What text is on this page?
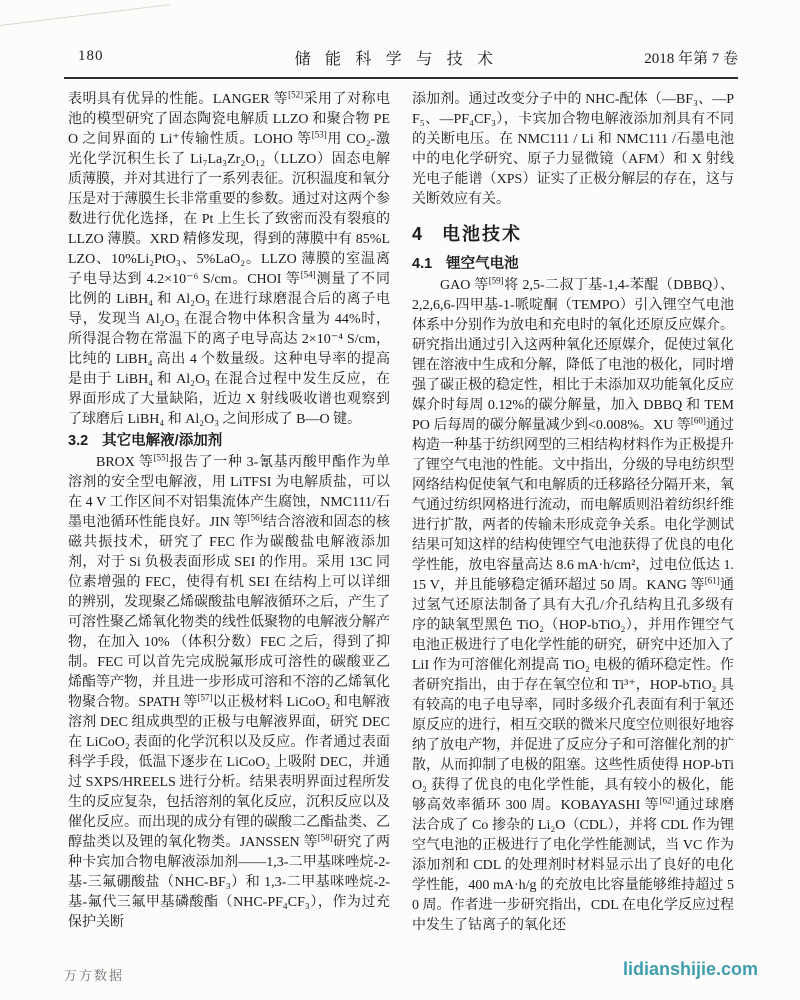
180	储能科学与技术	2018 年第 7 卷

表明具有优异的性能。LANGER 等[52]采用了对称电池的模型研究了固态陶瓷电解质 LLZO 和聚合物 PEO 之间界面的 Li⁺传输性质。LOHO 等[53]用 CO₂-激光化学沉积生长了 Li₇La₃Zr₂O₁₂（LLZO）固态电解质薄膜，并对其进行了一系列表征。沉积温度和氧分压是对于薄膜生长非常重要的参数。通过对这两个参数进行优化选择，在 Pt 上生长了致密而没有裂痕的 LLZO 薄膜。XRD 精修发现，得到的薄膜中有 85%LLZO、10%Li₂PtO₃、5%LaO₂。LLZO 薄膜的室温离子电导达到 4.2×10⁻⁶ S/cm。CHOI 等[54]测量了不同比例的 LiBH₄ 和 Al₂O₃ 在进行球磨混合后的离子电导，发现当 Al₂O₃ 在混合物中体积含量为 44%时，所得混合物在常温下的离子电导高达 2×10⁻⁴ S/cm，比纯的 LiBH₄ 高出 4 个数量级。这种电导率的提高是由于 LiBH₄ 和 Al₂O₃ 在混合过程中发生反应，在界面形成了大量缺陷，近边 X 射线吸收谱也观察到了球磨后 LiBH₄ 和 Al₂O₃ 之间形成了 B—O 键。

3.2 其它电解液/添加剂

BROX 等[55]报告了一种 3-氰基丙酸甲酯作为单溶剂的安全型电解液，用 LiTFSI 为电解质盐，可以在 4 V 工作区间不对铝集流体产生腐蚀，NMC111/石墨电池循环性能良好。JIN 等[56]结合溶液和固态的核磁共振技术，研究了 FEC 作为碳酸盐电解液添加剂，对于 Si 负极表面形成 SEI 的作用。采用 13C 同位素增强的 FEC，使得有机 SEI 在结构上可以详细的辨别，发现聚乙烯碳酸盐电解液循环之后，产生了可溶性聚乙烯氧化物类的线性低聚物的电解液分解产物，在加入 10% （体积分数）FEC 之后，得到了抑制。FEC 可以首先完成脱氟形成可溶性的碳酸亚乙烯酯等产物，并且进一步形成可溶和不溶的乙烯氧化物聚合物。SPATH 等[57]以正极材料 LiCoO₂ 和电解液溶剂 DEC 组成典型的正极与电解液界面，研究 DEC 在 LiCoO₂ 表面的化学沉积以及反应。作者通过表面科学手段，低温下逐步在 LiCoO₂ 上吸附 DEC，并通过 SXPS/HREELS 进行分析。结果表明界面过程所发生的反应复杂，包括溶剂的氧化反应，沉积反应以及催化反应。而出现的成分有锂的碳酸二乙酯盐类、乙醇盐类以及锂的氧化物类。JANSSEN 等[58]研究了两种卡宾加合物电解液添加剂——1,3-二甲基咪唑烷-2-基-三氟硼酸盐（NHC-BF₃）和 1,3-二甲基咪唑烷-2-基-氟代三氟甲基磷酸酯（NHC-PF₄CF₃），作为过充保护关断

添加剂。通过改变分子中的 NHC-配体（—BF₃、—PF₅、—PF₄CF₃），卡宾加合物电解液添加剂具有不同的关断电压。在 NMC111 / Li 和 NMC111 /石墨电池中的电化学研究、原子力显微镜（AFM）和 X 射线光电子能谱（XPS）证实了正极分解层的存在，这与关断效应有关。

4 电池技术
4.1 锂空气电池

GAO 等[59]将 2,5-二叔丁基-1,4-苯醌（DBBQ）、2,2,6,6-四甲基-1-哌啶酮（TEMPO）引入锂空气电池体系中分别作为放电和充电时的氧化还原反应媒介。研究指出通过引入这两种氧化还原媒介，促使过氧化锂在溶液中生成和分解，降低了电池的极化，同时增强了碳正极的稳定性，相比于未添加双功能氧化反应媒介时每周 0.12%的碳分解量，加入 DBBQ 和 TEMPO 后每周的碳分解量减少到<0.008%。XU 等[60]通过构造一种基于纺织网型的三相结构材料作为正极提升了锂空气电池的性能。文中指出，分级的导电纺织型网络结构促使氧气和电解质的迁移路径分隔开来，氧气通过纺织网格进行流动，而电解质则沿着纺织纤维进行扩散，两者的传输未形成竞争关系。电化学测试结果可知这样的结构使锂空气电池获得了优良的电化学性能，放电容量高达 8.6 mA·h/cm²，过电位低达 1.15 V，并且能够稳定循环超过 50 周。KANG 等[61]通过氢气还原法制备了具有大孔/介孔结构且孔多级有序的缺氧型黑色 TiO₂（HOP-bTiO₂），并用作锂空气电池正极进行了电化学性能的研究，研究中还加入了 LiI 作为可溶催化剂提高 TiO₂ 电极的循环稳定性。作者研究指出，由于存在氧空位和 Ti³⁺，HOP-bTiO₂ 具有较高的电子电导率，同时多级介孔表面有利于氧还原反应的进行，相互交联的微米尺度空位则很好地容纳了放电产物，并促进了反应分子和可溶催化剂的扩散，从而抑制了电极的阻塞。这些性质使得 HOP-bTiO₂ 获得了优良的电化学性能，具有较小的极化，能够高效率循环 300 周。KOBAYASHI 等[62]通过球磨法合成了 Co 掺杂的 Li₂O（CDL），并将 CDL 作为锂空气电池的正极进行了电化学性能测试，当 VC 作为添加剂和 CDL 的处理剂时材料显示出了良好的电化学性能，400 mA·h/g 的充放电比容量能够维持超过 50 周。作者进一步研究指出，CDL 在电化学反应过程中发生了钴离子的氧化还

万方数据	lidianshijie.com
